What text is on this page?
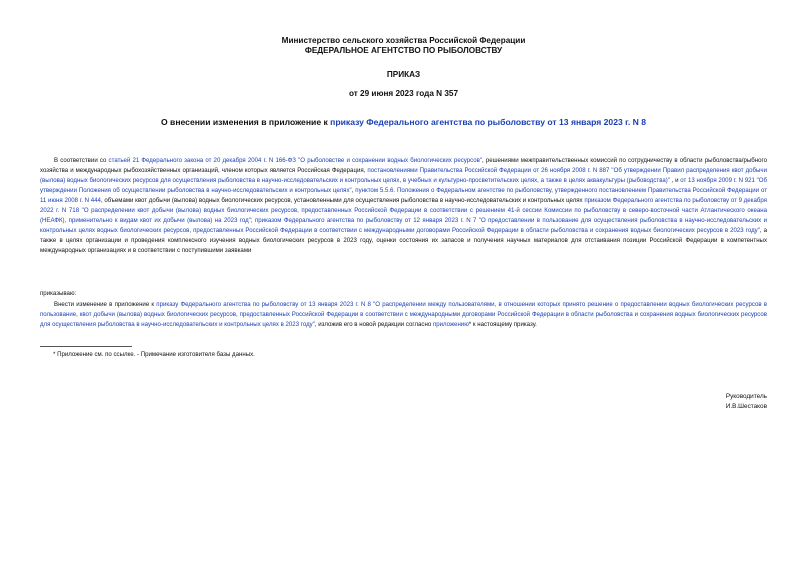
Министерство сельского хозяйства Российской Федерации
ФЕДЕРАЛЬНОЕ АГЕНТСТВО ПО РЫБОЛОВСТВУ
ПРИКАЗ
от 29 июня 2023 года N 357
О внесении изменения в приложение к приказу Федерального агентства по рыболовству от 13 января 2023 г. N 8
В соответствии со статьей 21 Федерального закона от 20 декабря 2004 г. N 166-ФЗ "О рыболовстве и сохранении водных биологических ресурсов", решениями межправительственных комиссий по сотрудничеству в области рыболовства/рыбного хозяйства и международных рыбохозяйственных организаций, членом которых является Российская Федерация, постановлениями Правительства Российской Федерации от 26 ноября 2008 г. N 887 "Об утверждении Правил распределения квот добычи (вылова) водных биологических ресурсов для осуществления рыболовства в научно-исследовательских и контрольных целях, в учебных и культурно-просветительских целях, а также в целях аквакультуры (рыбоводства)" , и от 13 ноября 2009 г. N 921 "Об утверждении Положения об осуществлении рыболовства в научно-исследовательских и контрольных целях", пунктом 5.5.6. Положения о Федеральном агентстве по рыболовству, утвержденного постановлением Правительства Российской Федерации от 11 июня 2008 г. N 444, объемами квот добычи (вылова) водных биологических ресурсов, установленными для осуществления рыболовства в научно-исследовательских и контрольных целях приказом Федерального агентства по рыболовству от 9 декабря 2022 г. N 718 "О распределении квот добычи (вылова) водных биологических ресурсов, предоставленных Российской Федерации в соответствии с решением 41-й сессии Комиссии по рыболовству в северо-восточной части Атлантического океана (НЕАФК), применительно к видам квот их добычи (вылова) на 2023 год"; приказом Федерального агентства по рыболовству от 12 января 2023 г. N 7 "О предоставлении в пользование для осуществления рыболовства в научно-исследовательских и контрольных целях водных биологических ресурсов, предоставленных Российской Федерации в соответствии с международными договорами Российской Федерации в области рыболовства и сохранения водных биологических ресурсов в 2023 году", а также в целях организации и проведения комплексного изучения водных биологических ресурсов в 2023 году, оценки состояния их запасов и получения научных материалов для отстаивания позиции Российской Федерации в компетентных международных организациях и в соответствии с поступившими заявками
приказываю:
Внести изменение в приложение к приказу Федерального агентства по рыболовству от 13 января 2023 г. N 8 "О распределении между пользователями, в отношении которых принято решение о предоставлении водных биологических ресурсов в пользование, квот добычи (вылова) водных биологических ресурсов, предоставленных Российской Федерации в соответствии с международными договорами Российской Федерации в области рыболовства и сохранения водных биологических ресурсов для осуществления рыболовства в научно-исследовательских и контрольных целях в 2023 году", изложив его в новой редакции согласно приложению* к настоящему приказу.
* Приложение см. по ссылке. - Примечание изготовителя базы данных.
Руководитель
И.В.Шестаков
